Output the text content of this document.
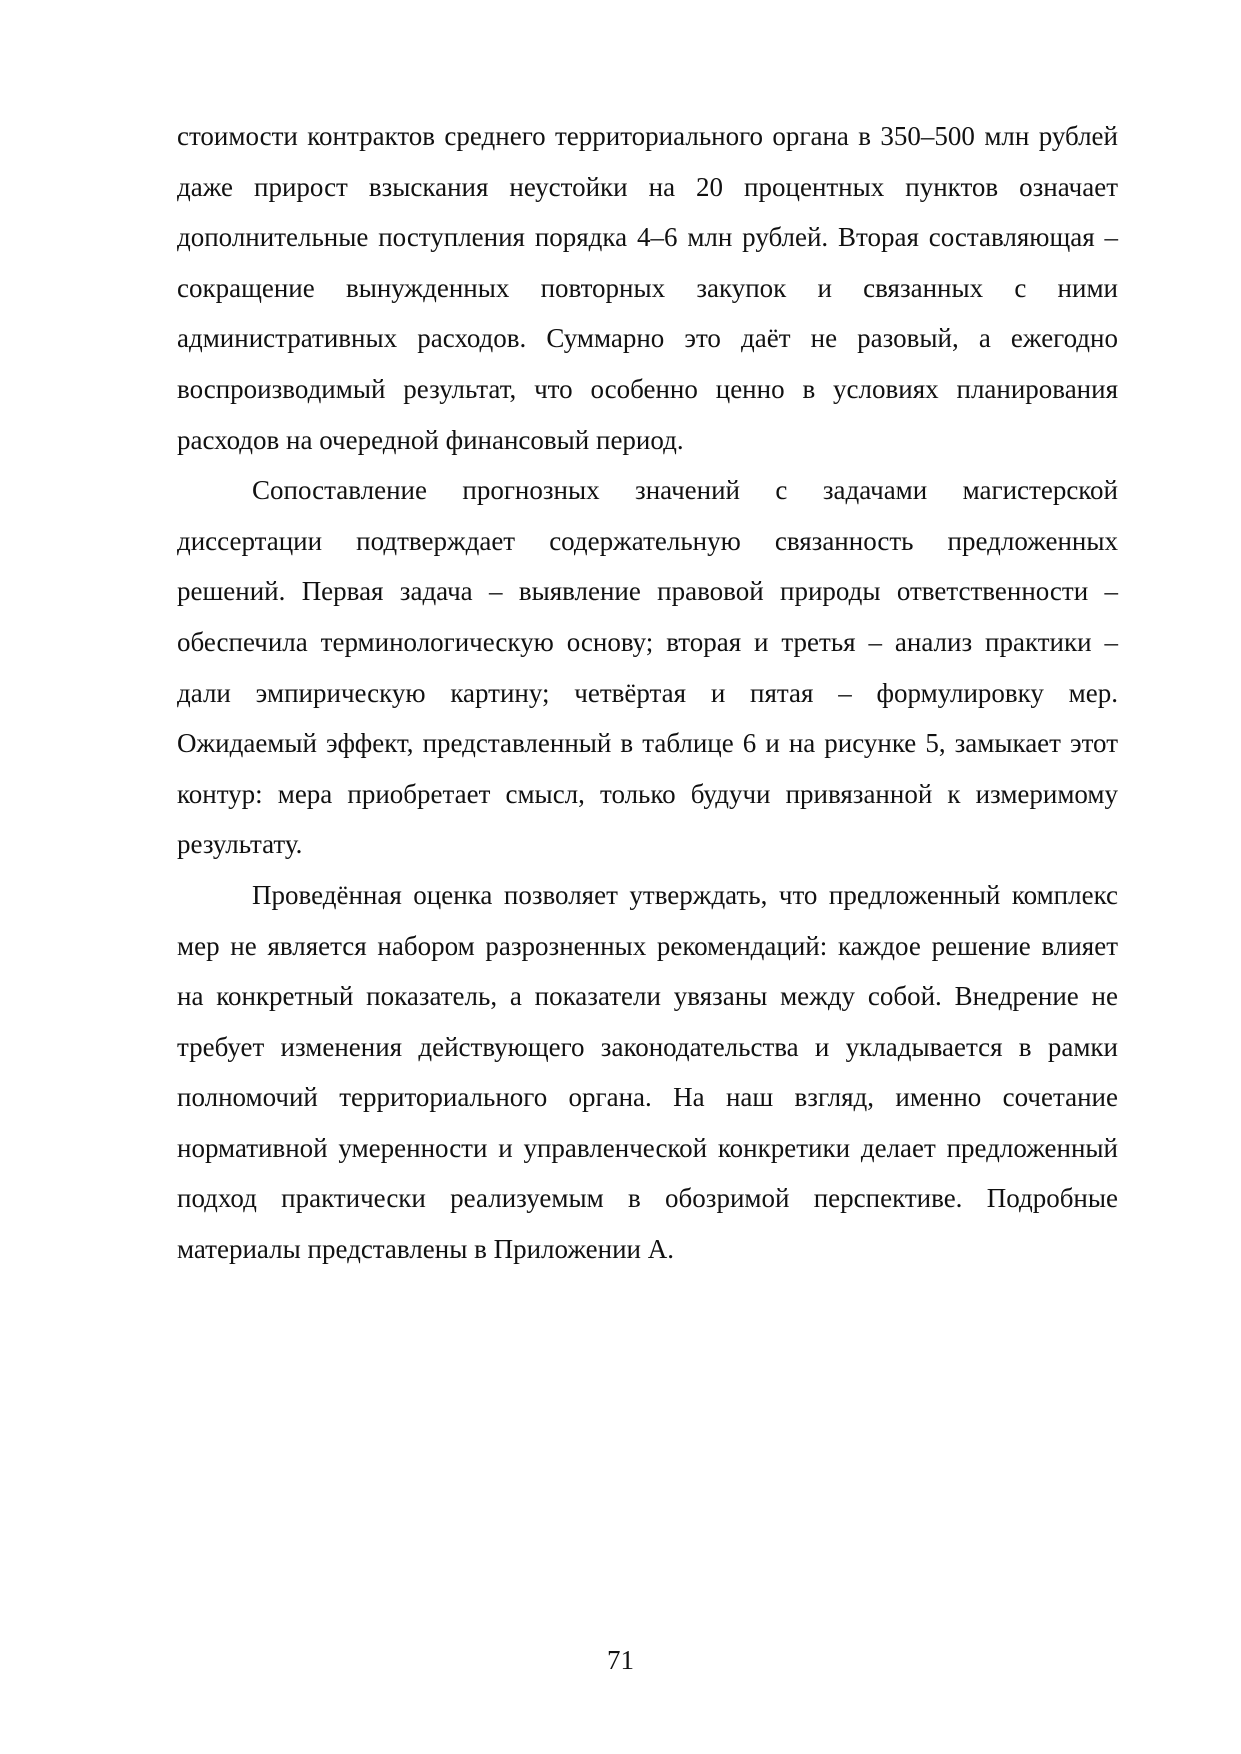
стоимости контрактов среднего территориального органа в 350–500 млн рублей даже прирост взыскания неустойки на 20 процентных пунктов означает дополнительные поступления порядка 4–6 млн рублей. Вторая составляющая – сокращение вынужденных повторных закупок и связанных с ними административных расходов. Суммарно это даёт не разовый, а ежегодно воспроизводимый результат, что особенно ценно в условиях планирования расходов на очередной финансовый период.

Сопоставление прогнозных значений с задачами магистерской диссертации подтверждает содержательную связанность предложенных решений. Первая задача – выявление правовой природы ответственности – обеспечила терминологическую основу; вторая и третья – анализ практики – дали эмпирическую картину; четвёртая и пятая – формулировку мер. Ожидаемый эффект, представленный в таблице 6 и на рисунке 5, замыкает этот контур: мера приобретает смысл, только будучи привязанной к измеримому результату.

Проведённая оценка позволяет утверждать, что предложенный комплекс мер не является набором разрозненных рекомендаций: каждое решение влияет на конкретный показатель, а показатели увязаны между собой. Внедрение не требует изменения действующего законодательства и укладывается в рамки полномочий территориального органа. На наш взгляд, именно сочетание нормативной умеренности и управленческой конкретики делает предложенный подход практически реализуемым в обозримой перспективе. Подробные материалы представлены в Приложении А.

71
